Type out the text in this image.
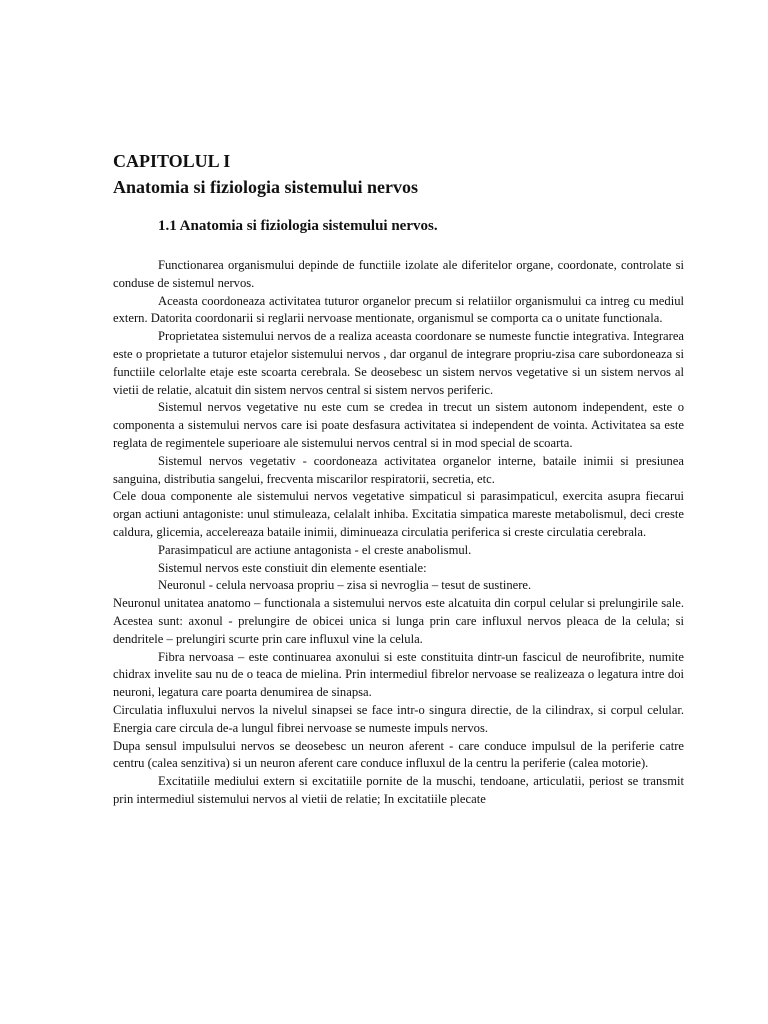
CAPITOLUL I
Anatomia si fiziologia sistemului nervos
1.1 Anatomia si fiziologia sistemului nervos.

Functionarea organismului depinde de functiile izolate ale diferitelor organe, coordonate, controlate si conduse de sistemul nervos.

Aceasta coordoneaza activitatea tuturor organelor precum si relatiilor organismului ca intreg cu mediul extern. Datorita coordonarii si reglarii nervoase mentionate, organismul se comporta ca o unitate functionala.

Proprietatea sistemului nervos de a realiza aceasta coordonare se numeste functie integrativa. Integrarea este o proprietate a tuturor etajelor sistemului nervos , dar organul de integrare propriu-zisa care subordoneaza si functiile celorlalte etaje este scoarta cerebrala. Se deosebesc un sistem nervos vegetative si un sistem nervos al vietii de relatie, alcatuit din sistem nervos central si sistem nervos periferic.

Sistemul nervos vegetative nu este cum se credea in trecut un sistem autonom independent, este o componenta a sistemului nervos care isi poate desfasura activitatea si independent de vointa. Activitatea sa este reglata de regimentele superioare ale sistemului nervos central si in mod special de scoarta.

Sistemul nervos vegetativ - coordoneaza activitatea organelor interne, bataile inimii si presiunea sanguina, distributia sangelui, frecventa miscarilor respiratorii, secretia, etc.

Cele doua componente ale sistemului nervos vegetative simpaticul si parasimpaticul, exercita asupra fiecarui organ actiuni antagoniste: unul stimuleaza, celalalt inhiba. Excitatia simpatica mareste metabolismul, deci creste caldura, glicemia, accelereaza bataile inimii, diminueaza circulatia periferica si creste circulatia cerebrala.

Parasimpaticul are actiune antagonista - el creste anabolismul.

Sistemul nervos este constiuit din elemente esentiale:

Neuronul - celula nervoasa propriu – zisa si nevroglia – tesut de sustinere.

Neuronul unitatea anatomo – functionala a sistemului nervos este alcatuita din corpul celular si prelungirile sale. Acestea sunt: axonul - prelungire de obicei unica si lunga prin care influxul nervos pleaca de la celula; si dendritele – prelungiri scurte prin care influxul vine la celula.

Fibra nervoasa – este continuarea axonului si este constituita dintr-un fascicul de neurofibrite, numite chidrax invelite sau nu de o teaca de mielina. Prin intermediul fibrelor nervoase se realizeaza o legatura intre doi neuroni, legatura care poarta denumirea de sinapsa.

Circulatia influxului nervos la nivelul sinapsei se face intr-o singura directie, de la cilindrax, si corpul celular. Energia care circula de-a lungul fibrei nervoase se numeste impuls nervos.

Dupa sensul impulsului nervos se deosebesc un neuron aferent - care conduce impulsul de la periferie catre centru (calea senzitiva) si un neuron aferent care conduce influxul de la centru la periferie (calea motorie).

Excitatiile mediului extern si excitatiile pornite de la muschi, tendoane, articulatii, periost se transmit prin intermediul sistemului nervos al vietii de relatie; In excitatiile plecate
